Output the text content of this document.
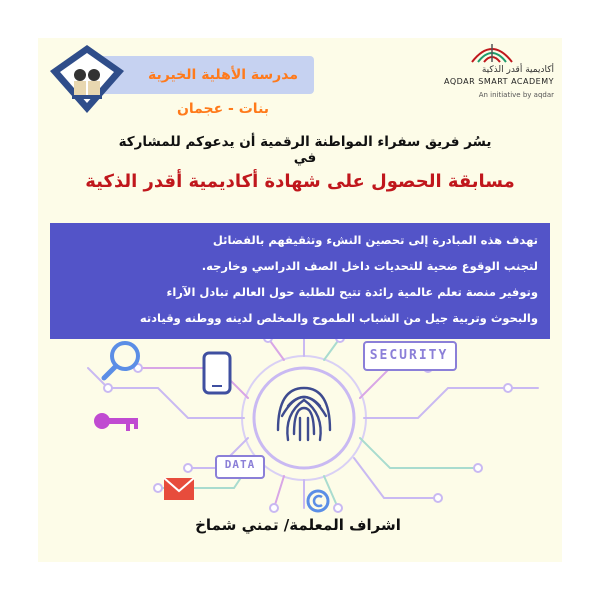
مدرسة الأهلية الخيرية بنات - عجمان
أكاديمية أقدر الذكية
AQDAR SMART ACADEMY
An initiative by aqdar
يسُر فريق سفراء المواطنة الرقمية أن يدعوكم للمشاركة في
مسابقة الحصول على شهادة أكاديمية أقدر الذكية
تهدف هذه المبادرة إلى تحصين النشء وتثقيفهم بالفضائل
لتجنب الوقوع ضحية للتحديات داخل الصف الدراسي وخارجه.
وتوفير منصة تعلم عالمية رائدة تتيح للطلبة حول العالم تبادل الآراء
والبحوث وتربية جيل من الشباب الطموح والمخلص لدينه ووطنه وقيادته
SECURITY
DATA
اشراف المعلمة/ تمني شماخ
